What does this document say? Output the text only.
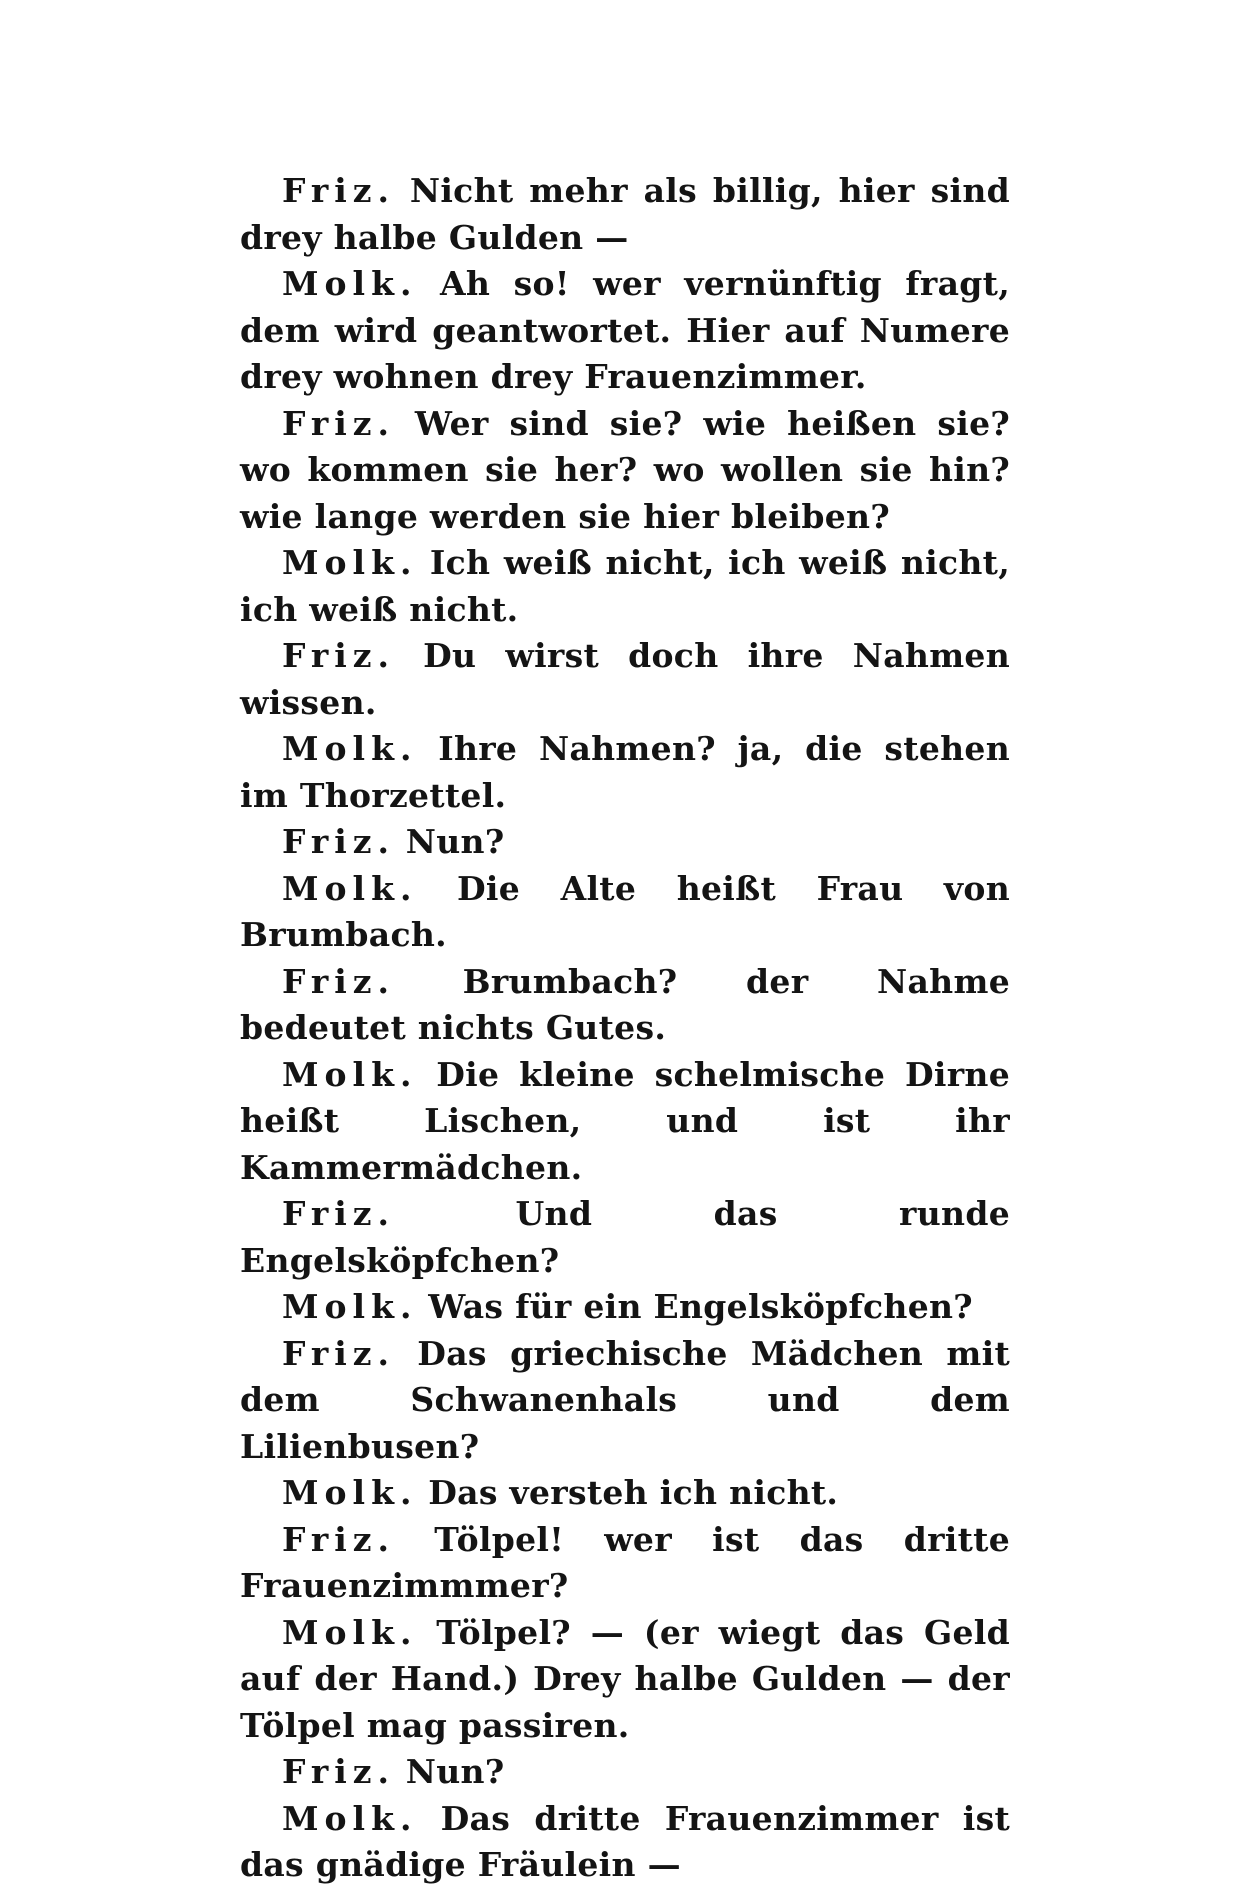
Friz. Nicht mehr als billig, hier sind drey halbe Gulden —

Molk. Ah so! wer vernünftig fragt, dem wird geantwortet. Hier auf Numere drey wohnen drey Frauenzimmer.

Friz. Wer sind sie? wie heißen sie? wo kommen sie her? wo wollen sie hin? wie lange werden sie hier bleiben?

Molk. Ich weiß nicht, ich weiß nicht, ich weiß nicht.

Friz. Du wirst doch ihre Nahmen wissen.

Molk. Ihre Nahmen? ja, die stehen im Thorzettel.

Friz. Nun?

Molk. Die Alte heißt Frau von Brumbach.

Friz. Brumbach? der Nahme bedeutet nichts Gutes.

Molk. Die kleine schelmische Dirne heißt Lischen, und ist ihr Kammermädchen.

Friz.	Und das runde Engelsköpfchen?

Molk. Was für ein Engelsköpfchen?

Friz. Das griechische Mädchen mit dem Schwanenhals und dem Lilienbusen?

Molk. Das versteh ich nicht.

Friz. Tölpel! wer ist das dritte Frauenzimmmer?

Molk. Tölpel? — (er wiegt das Geld auf der Hand.) Drey halbe Gulden — der Tölpel mag passiren.

Friz. Nun?

Molk. Das dritte Frauenzimmer ist das gnädige Fräulein —
